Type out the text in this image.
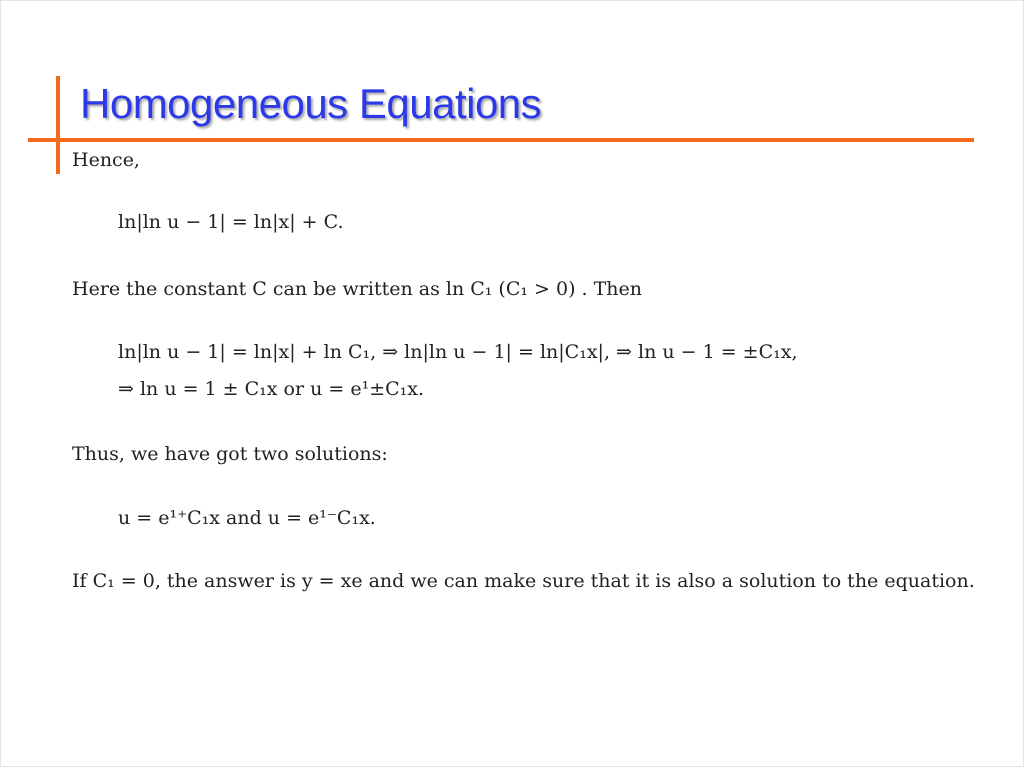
Homogeneous Equations
Hence,
ln|ln u − 1| = ln|x| + C.
Here the constant C can be written as ln C₁ (C₁ > 0) . Then
ln|ln u − 1| = ln|x| + ln C₁, ⇒ ln|ln u − 1| = ln|C₁x|, ⇒ ln u − 1 = ±C₁x,
⇒ ln u = 1 ± C₁x or u = e¹±C₁x.
Thus, we have got two solutions:
u = e¹⁺C₁x and u = e¹⁻C₁x.
If C₁ = 0, the answer is y = xe and we can make sure that it is also a solution to the equation.
